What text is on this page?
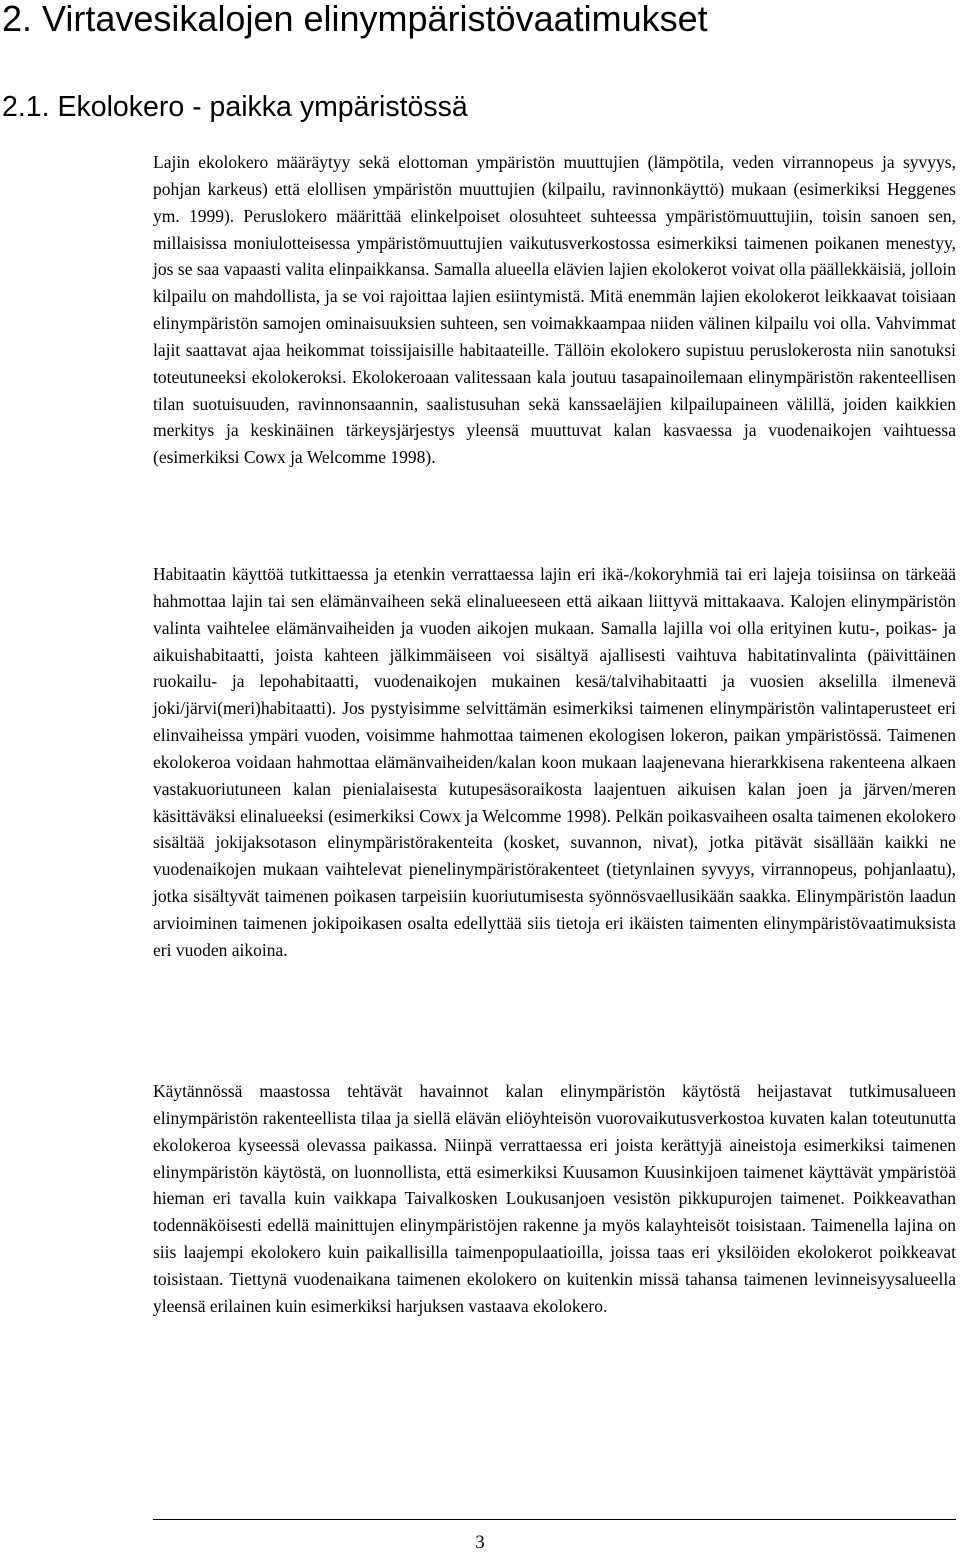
2. Virtavesikalojen elinympäristövaatimukset
2.1. Ekolokero - paikka ympäristössä

Lajin ekolokero määräytyy sekä elottoman ympäristön muuttujien (lämpötila, veden virrannopeus ja syvyys, pohjan karkeus) että elollisen ympäristön muuttujien (kilpailu, ravinnonkäyttö) mukaan (esimerkiksi Heggenes ym. 1999). Peruslokero määrittää elinkelpoiset olosuhteet suhteessa ympäristömuuttujiin, toisin sanoen sen, millaisissa moniulotteisessa ympäristömuuttujien vaikutusverkostossa esimerkiksi taimenen poikanen menestyy, jos se saa vapaasti valita elinpaikkansa. Samalla alueella elävien lajien ekolokerot voivat olla päällekkäisiä, jolloin kilpailu on mahdollista, ja se voi rajoittaa lajien esiintymistä. Mitä enemmän lajien ekolokerot leikkaavat toisiaan elinympäristön samojen ominaisuuksien suhteen, sen voimakkaampaa niiden välinen kilpailu voi olla. Vahvimmat lajit saattavat ajaa heikommat toissijaisille habitaateille. Tällöin ekolokero supistuu peruslokerosta niin sanotuksi toteutuneeksi ekolokeroksi. Ekolokeroaan valitessaan kala joutuu tasapainoilemaan elinympäristön rakenteellisen tilan suotuisuuden, ravinnonsaannin, saalistusuhan sekä kanssaeläjien kilpailupaineen välillä, joiden kaikkien merkitys ja keskinäinen tärkeysjärjestys yleensä muuttuvat kalan kasvaessa ja vuodenaikojen vaihtuessa (esimerkiksi Cowx ja Welcomme 1998).

Habitaatin käyttöä tutkittaessa ja etenkin verrattaessa lajin eri ikä-/kokoryhmiä tai eri lajeja toisiinsa on tärkeää hahmottaa lajin tai sen elämänvaiheen sekä elinalueeseen että aikaan liittyvä mittakaava. Kalojen elinympäristön valinta vaihtelee elämänvaiheiden ja vuoden aikojen mukaan. Samalla lajilla voi olla erityinen kutu-, poikas- ja aikuishabitaatti, joista kahteen jälkimmäiseen voi sisältyä ajallisesti vaihtuva habitatinvalinta (päivittäinen ruokailu- ja lepohabitaatti, vuodenaikojen mukainen kesä/talvihabitaatti ja vuosien akselilla ilmenevä joki/järvi(meri)habitaatti). Jos pystyisimme selvittämän esimerkiksi taimenen elinympäristön valintaperusteet eri elinvaiheissa ympäri vuoden, voisimme hahmottaa taimenen ekologisen lokeron, paikan ympäristössä. Taimenen ekolokeroa voidaan hahmottaa elämänvaiheiden/kalan koon mukaan laajenevana hierarkkisena rakenteena alkaen vastakuoriutuneen kalan pienialaisesta kutupesäsoraikosta laajentuen aikuisen kalan joen ja järven/meren käsittäväksi elinalueeksi (esimerkiksi Cowx ja Welcomme 1998). Pelkän poikasvaiheen osalta taimenen ekolokero sisältää jokijaksotason elinympäristörakenteita (kosket, suvannon, nivat), jotka pitävät sisällään kaikki ne vuodenaikojen mukaan vaihtelevat pienelinympäristörakenteet (tietynlainen syvyys, virrannopeus, pohjanlaatu), jotka sisältyvät taimenen poikasen tarpeisiin kuoriutumisesta syönnösvaellusikään saakka. Elinympäristön laadun arvioiminen taimenen jokipoikasen osalta edellyttää siis tietoja eri ikäisten taimenten elinympäristövaatimuksista eri vuoden aikoina.

Käytännössä maastossa tehtävät havainnot kalan elinympäristön käytöstä heijastavat tutkimusalueen elinympäristön rakenteellista tilaa ja siellä elävän eliöyhteisön vuorovaikutusverkostoa kuvaten kalan toteutunutta ekolokeroa kyseessä olevassa paikassa. Niinpä verrattaessa eri joista kerättyjä aineistoja esimerkiksi taimenen elinympäristön käytöstä, on luonnollista, että esimerkiksi Kuusamon Kuusinkijoen taimenet käyttävät ympäristöä hieman eri tavalla kuin vaikkapa Taivalkosken Loukusanjoen vesistön pikkupurojen taimenet. Poikkeavathan todennäköisesti edellä mainittujen elinympäristöjen rakenne ja myös kalayhteisöt toisistaan. Taimenella lajina on siis laajempi ekolokero kuin paikallisilla taimenpopulaatioilla, joissa taas eri yksilöiden ekolokerot poikkeavat toisistaan. Tiettynä vuodenaikana taimenen ekolokero on kuitenkin missä tahansa taimenen levinneisyysalueella yleensä erilainen kuin esimerkiksi harjuksen vastaava ekolokero.

3
